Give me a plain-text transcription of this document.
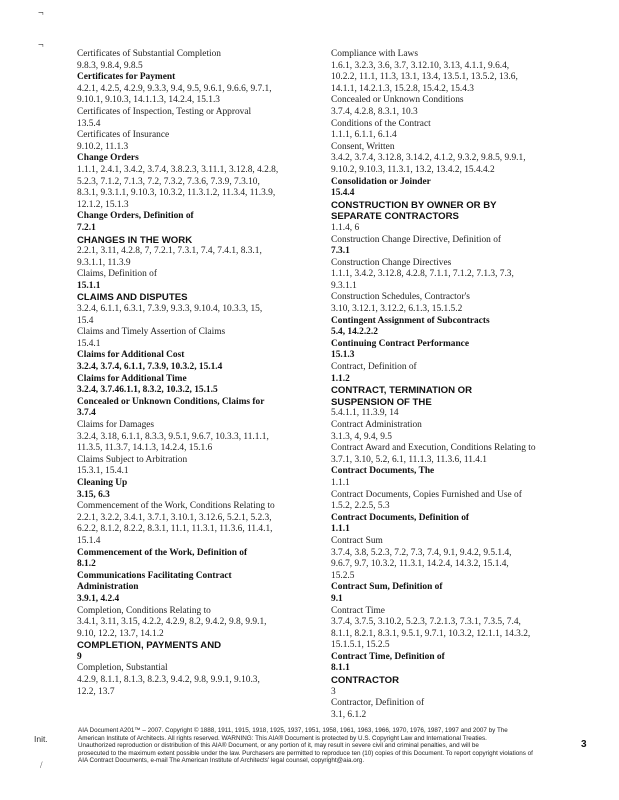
¬
¬
Certificates of Substantial Completion
9.8.3, 9.8.4, 9.8.5
Certificates for Payment
4.2.1, 4.2.5, 4.2.9, 9.3.3, 9.4, 9.5, 9.6.1, 9.6.6, 9.7.1,
9.10.1, 9.10.3, 14.1.1.3, 14.2.4, 15.1.3
Certificates of Inspection, Testing or Approval
13.5.4
Certificates of Insurance
9.10.2, 11.1.3
Change Orders
1.1.1, 2.4.1, 3.4.2, 3.7.4, 3.8.2.3, 3.11.1, 3.12.8, 4.2.8,
5.2.3, 7.1.2, 7.1.3, 7.2, 7.3.2, 7.3.6, 7.3.9, 7.3.10,
8.3.1, 9.3.1.1, 9.10.3, 10.3.2, 11.3.1.2, 11.3.4, 11.3.9,
12.1.2, 15.1.3
Change Orders, Definition of
7.2.1
CHANGES IN THE WORK
2.2.1, 3.11, 4.2.8, 7, 7.2.1, 7.3.1, 7.4, 7.4.1, 8.3.1,
9.3.1.1, 11.3.9
Claims, Definition of
15.1.1
CLAIMS AND DISPUTES
3.2.4, 6.1.1, 6.3.1, 7.3.9, 9.3.3, 9.10.4, 10.3.3, 15,
15.4
Claims and Timely Assertion of Claims
15.4.1
Claims for Additional Cost
3.2.4, 3.7.4, 6.1.1, 7.3.9, 10.3.2, 15.1.4
Claims for Additional Time
3.2.4, 3.7.46.1.1, 8.3.2, 10.3.2, 15.1.5
Concealed or Unknown Conditions, Claims for
3.7.4
Claims for Damages
3.2.4, 3.18, 6.1.1, 8.3.3, 9.5.1, 9.6.7, 10.3.3, 11.1.1,
11.3.5, 11.3.7, 14.1.3, 14.2.4, 15.1.6
Claims Subject to Arbitration
15.3.1, 15.4.1
Cleaning Up
3.15, 6.3
Commencement of the Work, Conditions Relating to
2.2.1, 3.2.2, 3.4.1, 3.7.1, 3.10.1, 3.12.6, 5.2.1, 5.2.3,
6.2.2, 8.1.2, 8.2.2, 8.3.1, 11.1, 11.3.1, 11.3.6, 11.4.1,
15.1.4
Commencement of the Work, Definition of
8.1.2
Communications Facilitating Contract
Administration
3.9.1, 4.2.4
Completion, Conditions Relating to
3.4.1, 3.11, 3.15, 4.2.2, 4.2.9, 8.2, 9.4.2, 9.8, 9.9.1,
9.10, 12.2, 13.7, 14.1.2
COMPLETION, PAYMENTS AND
9
Completion, Substantial
4.2.9, 8.1.1, 8.1.3, 8.2.3, 9.4.2, 9.8, 9.9.1, 9.10.3,
12.2, 13.7
Compliance with Laws
1.6.1, 3.2.3, 3.6, 3.7, 3.12.10, 3.13, 4.1.1, 9.6.4,
10.2.2, 11.1, 11.3, 13.1, 13.4, 13.5.1, 13.5.2, 13.6,
14.1.1, 14.2.1.3, 15.2.8, 15.4.2, 15.4.3
Concealed or Unknown Conditions
3.7.4, 4.2.8, 8.3.1, 10.3
Conditions of the Contract
1.1.1, 6.1.1, 6.1.4
Consent, Written
3.4.2, 3.7.4, 3.12.8, 3.14.2, 4.1.2, 9.3.2, 9.8.5, 9.9.1,
9.10.2, 9.10.3, 11.3.1, 13.2, 13.4.2, 15.4.4.2
Consolidation or Joinder
15.4.4
CONSTRUCTION BY OWNER OR BY
SEPARATE CONTRACTORS
1.1.4, 6
Construction Change Directive, Definition of
7.3.1
Construction Change Directives
1.1.1, 3.4.2, 3.12.8, 4.2.8, 7.1.1, 7.1.2, 7.1.3, 7.3,
9.3.1.1
Construction Schedules, Contractor's
3.10, 3.12.1, 3.12.2, 6.1.3, 15.1.5.2
Contingent Assignment of Subcontracts
5.4, 14.2.2.2
Continuing Contract Performance
15.1.3
Contract, Definition of
1.1.2
CONTRACT, TERMINATION OR
SUSPENSION OF THE
5.4.1.1, 11.3.9, 14
Contract Administration
3.1.3, 4, 9.4, 9.5
Contract Award and Execution, Conditions Relating to
3.7.1, 3.10, 5.2, 6.1, 11.1.3, 11.3.6, 11.4.1
Contract Documents, The
1.1.1
Contract Documents, Copies Furnished and Use of
1.5.2, 2.2.5, 5.3
Contract Documents, Definition of
1.1.1
Contract Sum
3.7.4, 3.8, 5.2.3, 7.2, 7.3, 7.4, 9.1, 9.4.2, 9.5.1.4,
9.6.7, 9.7, 10.3.2, 11.3.1, 14.2.4, 14.3.2, 15.1.4,
15.2.5
Contract Sum, Definition of
9.1
Contract Time
3.7.4, 3.7.5, 3.10.2, 5.2.3, 7.2.1.3, 7.3.1, 7.3.5, 7.4,
8.1.1, 8.2.1, 8.3.1, 9.5.1, 9.7.1, 10.3.2, 12.1.1, 14.3.2,
15.1.5.1, 15.2.5
Contract Time, Definition of
8.1.1
CONTRACTOR
3
Contractor, Definition of
3.1, 6.1.2
Init.
/
AIA Document A201™ – 2007. Copyright © 1888, 1911, 1915, 1918, 1925, 1937, 1951, 1958, 1961, 1963, 1966, 1970, 1976, 1987, 1997 and 2007 by The
American Institute of Architects. All rights reserved. WARNING: This AIA® Document is protected by U.S. Copyright Law and International Treaties.
Unauthorized reproduction or distribution of this AIA® Document, or any portion of it, may result in severe civil and criminal penalties, and will be
prosecuted to the maximum extent possible under the law. Purchasers are permitted to reproduce ten (10) copies of this Document. To report copyright violations of
AIA Contract Documents, e-mail The American Institute of Architects' legal counsel, copyright@aia.org.
3
